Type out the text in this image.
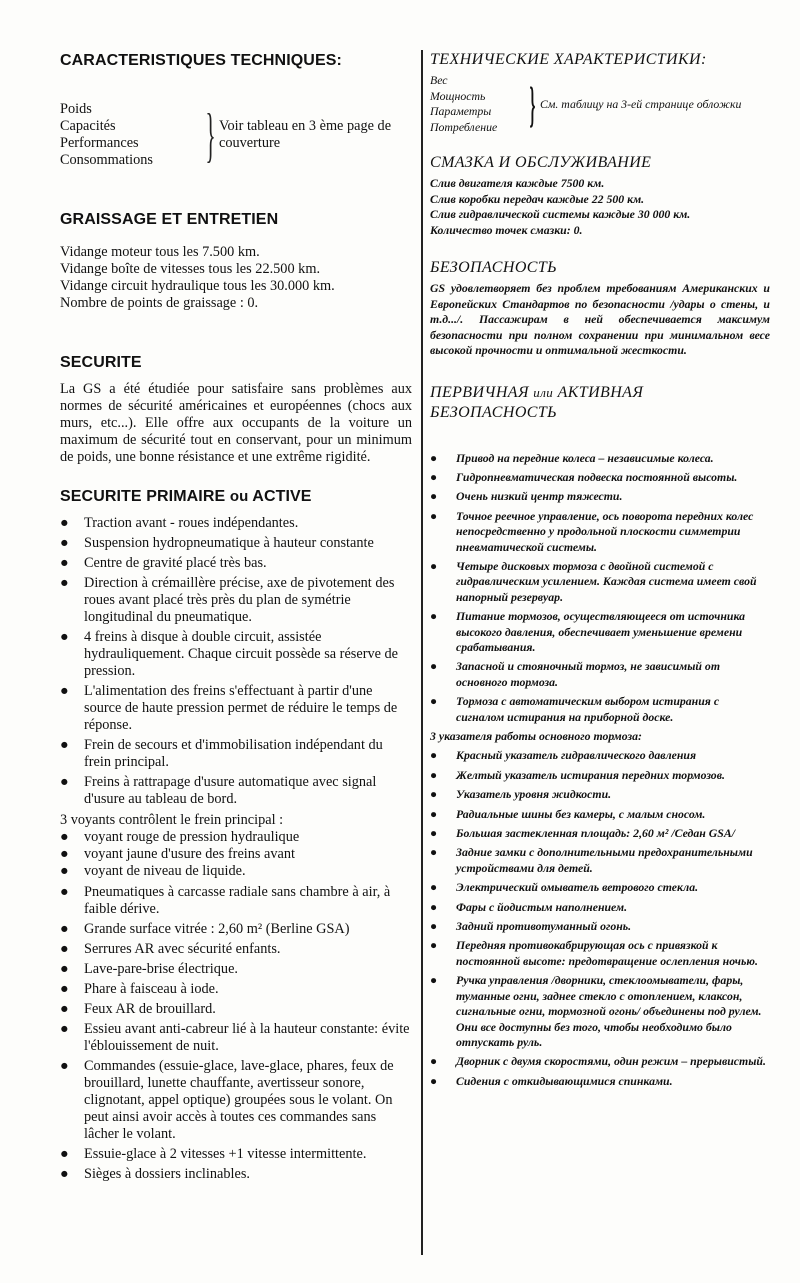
CARACTERISTIQUES TECHNIQUES:
Poids
Capacités
Performances
Consommations } Voir tableau en 3 ème page de couverture
GRAISSAGE ET ENTRETIEN

Vidange moteur tous les 7.500 km.

Vidange boîte de vitesses tous les 22.500 km.

Vidange circuit hydraulique tous les 30.000 km.

Nombre de points de graissage : 0.

SECURITE

La GS a été étudiée pour satisfaire sans problèmes aux normes de sécurité américaines et européennes (chocs aux murs, etc...). Elle offre aux occupants de la voiture un maximum de sécurité tout en conservant, pour un minimum de poids, une bonne résistance et une extrême rigidité.

SECURITE PRIMAIRE ou ACTIVE
● Traction avant - roues indépendantes.
● Suspension hydropneumatique à hauteur constante
● Centre de gravité placé très bas.
● Direction à crémaillère précise, axe de pivotement des roues avant placé très près du plan de symétrie longitudinal du pneumatique.
● 4 freins à disque à double circuit, assistée hydrauliquement. Chaque circuit possède sa réserve de pression.
● L'alimentation des freins s'effectuant à partir d'une source de haute pression permet de réduire le temps de réponse.
● Frein de secours et d'immobilisation indépendant du frein principal.
● Freins à rattrapage d'usure automatique avec signal d'usure au tableau de bord.

3 voyants contrôlent le frein principal :

● voyant rouge de pression hydraulique
● voyant jaune d'usure des freins avant
● voyant de niveau de liquide.
● Pneumatiques à carcasse radiale sans chambre à air, à faible dérive.
● Grande surface vitrée : 2,60 m² (Berline GSA)
● Serrures AR avec sécurité enfants.
● Lave-pare-brise électrique.
● Phare à faisceau à iode.
● Feux AR de brouillard.
● Essieu avant anti-cabreur lié à la hauteur constante: évite l'éblouissement de nuit.
● Commandes (essuie-glace, lave-glace, phares, feux de brouillard, lunette chauffante, avertisseur sonore, clignotant, appel optique) groupées sous le volant. On peut ainsi avoir accès à toutes ces commandes sans lâcher le volant.
● Essuie-glace à 2 vitesses +1 vitesse intermittente.
● Sièges à dossiers inclinables.
ТЕХНИЧЕСКИЕ ХАРАКТЕРИСТИКИ:
Вес
Мощность
Параметры
Потребление } См. таблицу на 3-ей странице обложки
СМАЗКА И ОБСЛУЖИВАНИЕ

Слив двигателя каждые 7500 км.

Слив коробки передач каждые 22 500 км.

Слив гидравлической системы каждые 30 000 км.

Количество точек смазки: 0.

БЕЗОПАСНОСТЬ

GS удовлетворяет без проблем требованиям Американских и Европейских Стандартов по безопасности /удары о стены, и т.д.../. Пассажирам в ней обеспечивается максимум безопасности при полном сохранении при минимальном весе высокой прочности и оптимальной жесткости.

ПЕРВИЧНАЯ или АКТИВНАЯ
БЕЗОПАСНОСТЬ
● Привод на передние колеса – независимые колеса.
● Гидропневматическая подвеска постоянной высоты.
● Очень низкий центр тяжести.
● Точное реечное управление, ось поворота передних колес непосредственно у продольной плоскости симметрии пневматической системы.
● Четыре дисковых тормоза с двойной системой с гидравлическим усилением. Каждая система имеет свой напорный резервуар.
● Питание тормозов, осуществляющееся от источника высокого давления, обеспечивает уменьшение времени срабатывания.
● Запасной и стояночный тормоз, не зависимый от основного тормоза.
● Тормоза с автоматическим выбором истирания с сигналом истирания на приборной доске.

3 указателя работы основного тормоза:

● Красный указатель гидравлического давления
● Желтый указатель истирания передних тормозов.
● Указатель уровня жидкости.
● Радиальные шины без камеры, с малым сносом.
● Большая застекленная площадь: 2,60 м² /Седан GSA/
● Задние замки с дополнительными предохранительными устройствами для детей.
● Электрический омыватель ветрового стекла.
● Фары с йодистым наполнением.
● Задний противотуманный огонь.
● Передняя противокабрирующая ось с привязкой к постоянной высоте: предотвращение ослепления ночью.
● Ручка управления /дворники, стеклоомыватели, фары, туманные огни, заднее стекло с отоплением, клаксон, сигнальные огни, тормозной огонь/ объединены под рулем. Они все доступны без того, чтобы необходимо было отпускать руль.
● Дворник с двумя скоростями, один режим – прерывистый.
● Сидения с откидывающимися спинками.
